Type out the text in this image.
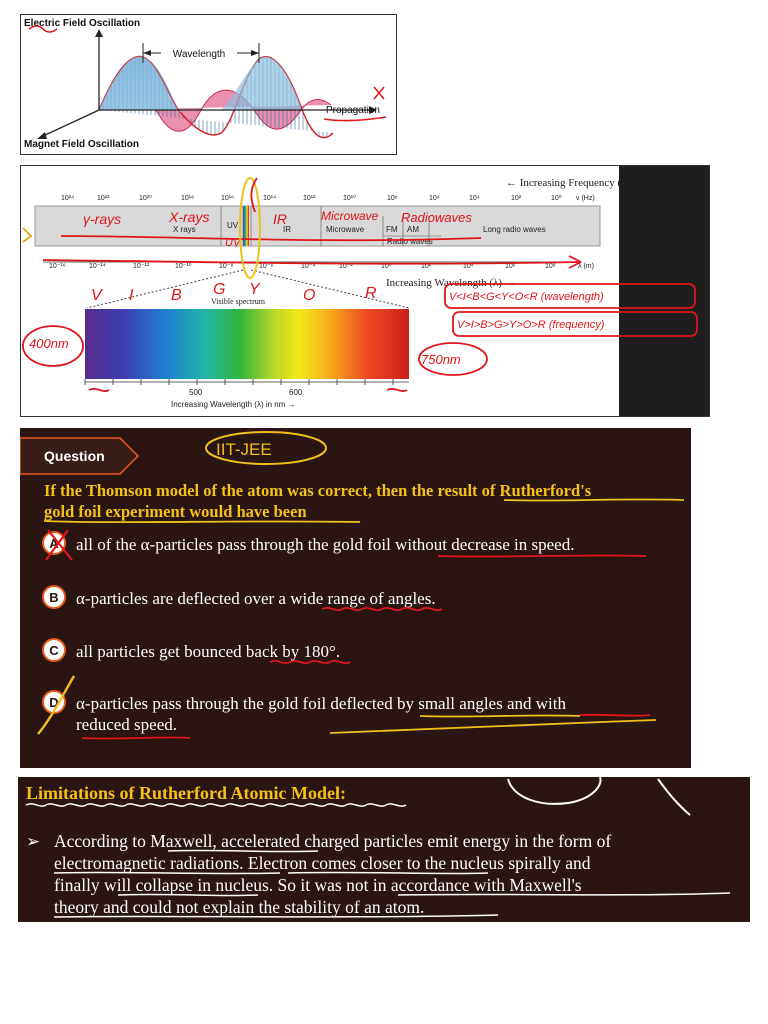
Wavelength
Electric Field Oscillation
Propagation
Magnet Field Oscillation
← Increasing Frequency (ν)
10²⁴	10²²	10²⁰	10¹⁸	10¹⁶	10¹⁴	10¹²	10¹⁰	10⁸	10⁶	10⁴	10²	10⁰ ν (Hz)
X rays	UV	IR	Microwave	FM AM	Long radio waves
Radio waves
10⁻¹⁶	10⁻¹⁴	10⁻¹²	10⁻¹⁰	10⁻⁸	10⁻⁶	10⁻⁴	10⁻²	10⁰	10²	10⁴	10⁶	10⁸	λ (m)
Increasing Wavelength (λ) →
Visible spectrum
500	600
Increasing Wavelength (λ) in nm →
γ-rays	X-rays
UV
IR	Microwave Radiowaves
V I B G Y	O	R
400nm
750nm
V<I<B<G<Y<O<R (wavelength)
V>I>B>G>Y>O>R (frequency)
Question
If the Thomson model of the atom was correct, then the result of Rutherford's
gold foil experiment would have been
A all of the α-particles pass through the gold foil without decrease in speed.
B α-particles are deflected over a wide range of angles.
C all particles get bounced back by 180°.
D α-particles pass through the gold foil deflected by small angles and with
reduced speed.
IIT-JEE
Limitations of Rutherford Atomic Model:
➢ According to Maxwell, accelerated charged particles emit energy in the form of
electromagnetic radiations. Electron comes closer to the nucleus spirally and
finally will collapse in nucleus. So it was not in accordance with Maxwell's
theory and could not explain the stability of an atom.
